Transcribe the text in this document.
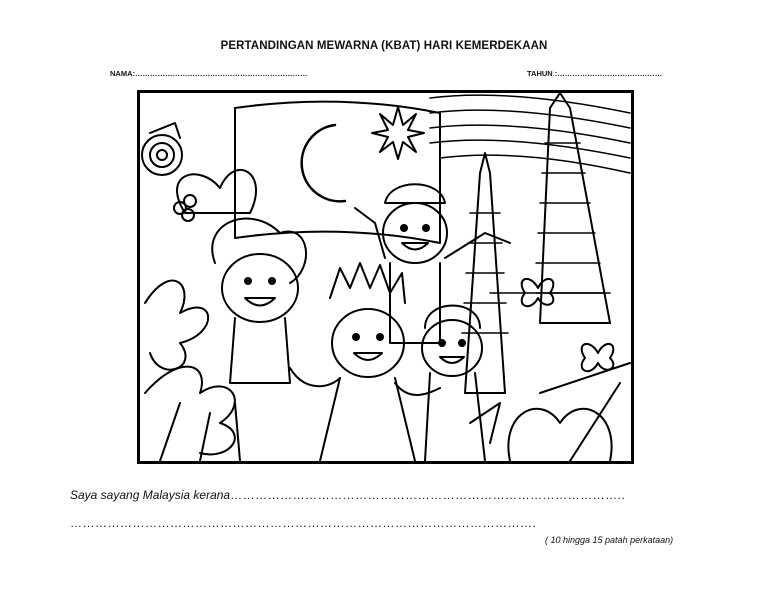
PERTANDINGAN MEWARNA (KBAT) HARI KEMERDEKAAN
NAMA:……………………………………………………………	TAHUN :……………………………………
Saya sayang Malaysia kerana…………………………………………………………………………………..
………………………………………………………………………………………………….
( 10 hingga 15 patah perkataan)
